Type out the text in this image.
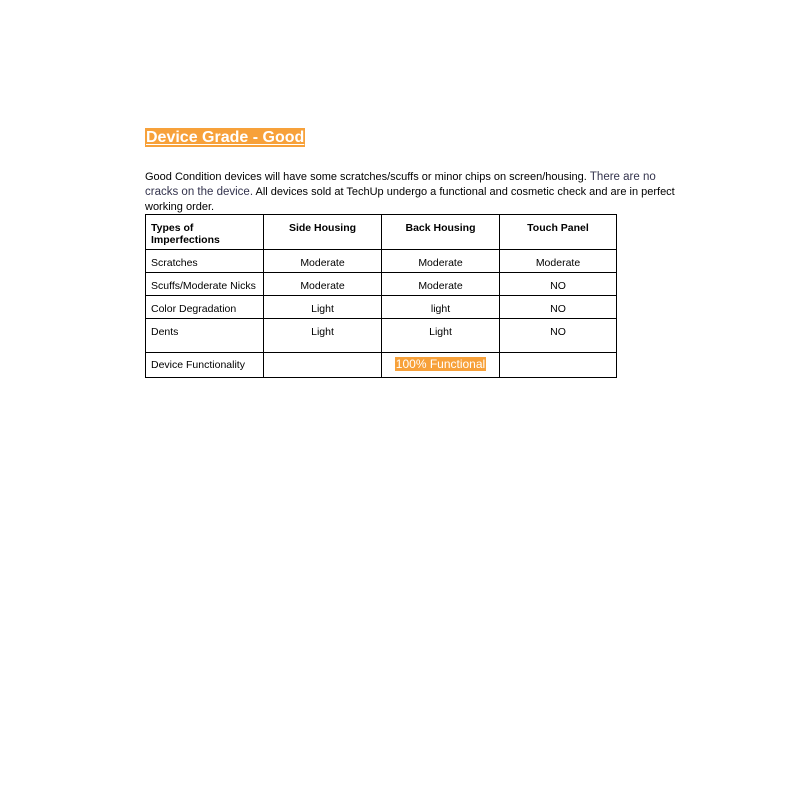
Device Grade - Good
Good Condition devices will have some scratches/scuffs or minor chips on screen/housing. There are no cracks on the device. All devices sold at TechUp undergo a functional and cosmetic check and are in perfect working order.
Types of Imperfections	Side Housing	Back Housing	Touch Panel

Scratches	Moderate	Moderate	Moderate

Scuffs/Moderate Nicks	Moderate	Moderate	NO

Color Degradation	Light	light	NO

Dents	Light	Light	NO

Device Functionality		100% Functional	
